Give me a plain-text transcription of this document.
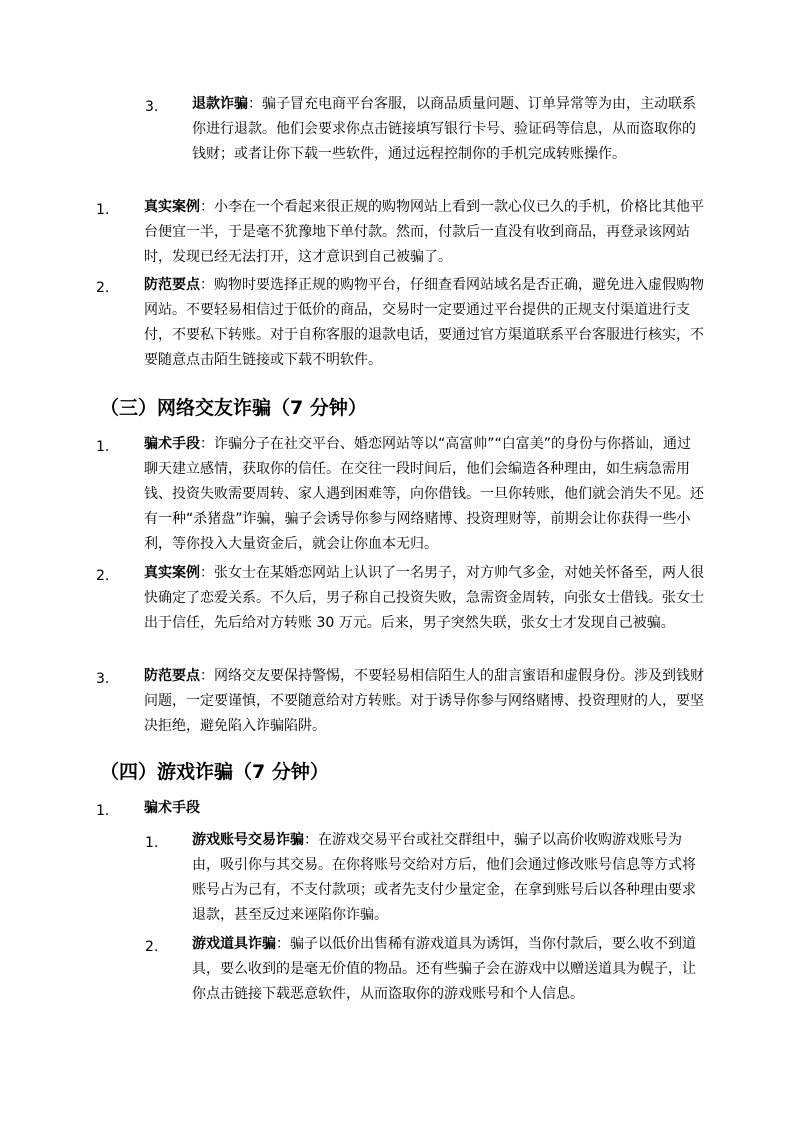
3. 退款诈骗：骗子冒充电商平台客服，以商品质量问题、订单异常等为由，主动联系你进行退款。他们会要求你点击链接填写银行卡号、验证码等信息，从而盗取你的钱财；或者让你下载一些软件，通过远程控制你的手机完成转账操作。
1. 真实案例：小李在一个看起来很正规的购物网站上看到一款心仪已久的手机，价格比其他平台便宜一半，于是毫不犹豫地下单付款。然而，付款后一直没有收到商品，再登录该网站时，发现已经无法打开，这才意识到自己被骗了。
2. 防范要点：购物时要选择正规的购物平台，仔细查看网站域名是否正确，避免进入虚假购物网站。不要轻易相信过于低价的商品，交易时一定要通过平台提供的正规支付渠道进行支付，不要私下转账。对于自称客服的退款电话，要通过官方渠道联系平台客服进行核实，不要随意点击陌生链接或下载不明软件。
（三）网络交友诈骗（7 分钟）
1. 骗术手段：诈骗分子在社交平台、婚恋网站等以“高富帅”“白富美”的身份与你搭讪，通过聊天建立感情，获取你的信任。在交往一段时间后，他们会编造各种理由，如生病急需用钱、投资失败需要周转、家人遇到困难等，向你借钱。一旦你转账，他们就会消失不见。还有一种“杀猪盘”诈骗，骗子会诱导你参与网络赌博、投资理财等，前期会让你获得一些小利，等你投入大量资金后，就会让你血本无归。
2. 真实案例：张女士在某婚恋网站上认识了一名男子，对方帅气多金，对她关怀备至，两人很快确定了恋爱关系。不久后，男子称自己投资失败，急需资金周转，向张女士借钱。张女士出于信任，先后给对方转账 30 万元。后来，男子突然失联，张女士才发现自己被骗。
3. 防范要点：网络交友要保持警惕，不要轻易相信陌生人的甜言蜜语和虚假身份。涉及到钱财问题，一定要谨慎，不要随意给对方转账。对于诱导你参与网络赌博、投资理财的人，要坚决拒绝，避免陷入诈骗陷阱。
（四）游戏诈骗（7 分钟）
1. 骗术手段
1. 游戏账号交易诈骗：在游戏交易平台或社交群组中，骗子以高价收购游戏账号为由，吸引你与其交易。在你将账号交给对方后，他们会通过修改账号信息等方式将账号占为己有，不支付款项；或者先支付少量定金，在拿到账号后以各种理由要求退款，甚至反过来诬陷你诈骗。
2. 游戏道具诈骗：骗子以低价出售稀有游戏道具为诱饵，当你付款后，要么收不到道具，要么收到的是毫无价值的物品。还有些骗子会在游戏中以赠送道具为幌子，让你点击链接下载恶意软件，从而盗取你的游戏账号和个人信息。
